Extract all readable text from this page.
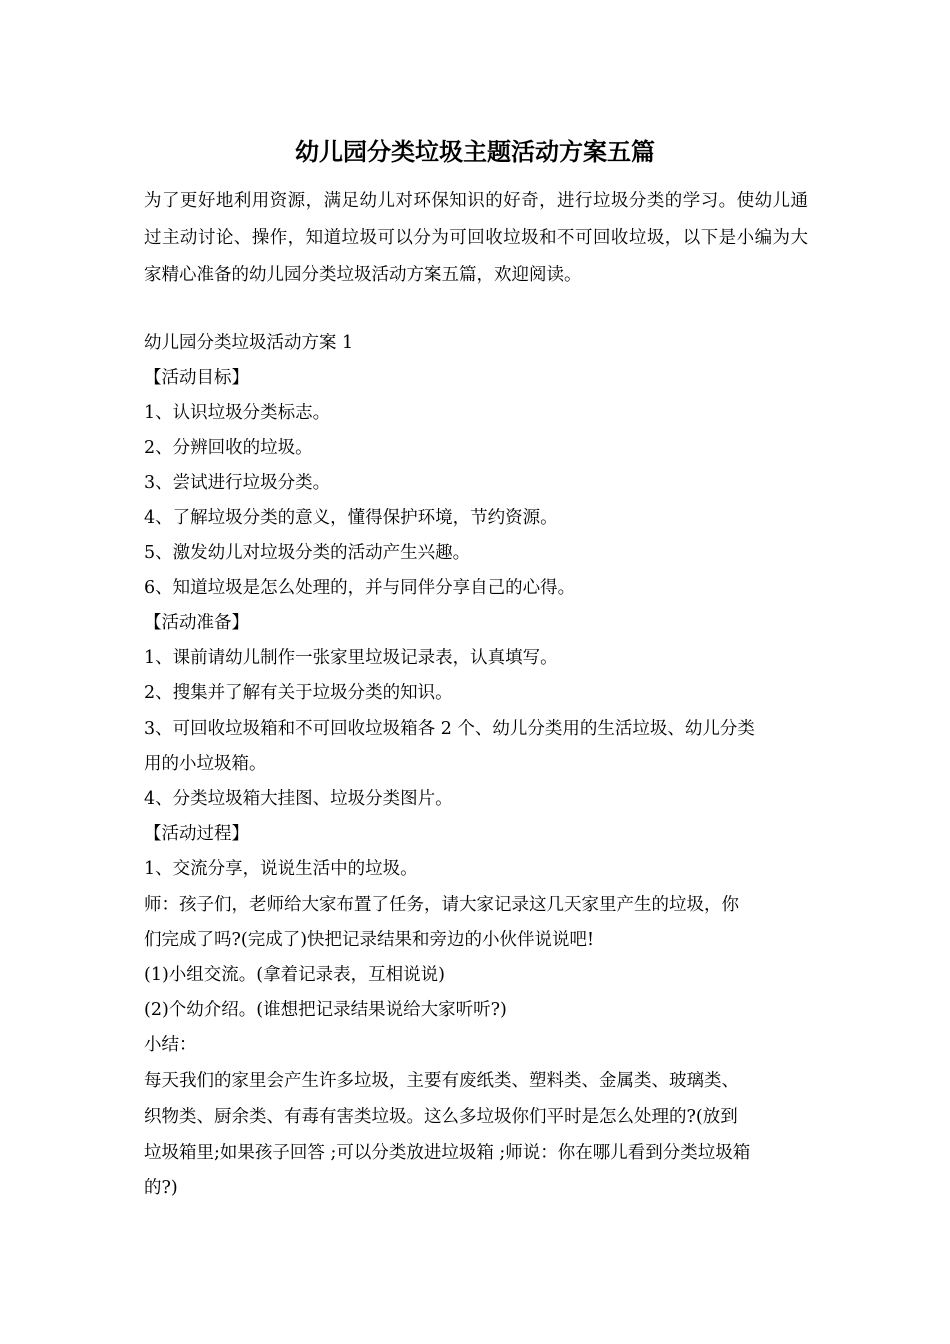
幼儿园分类垃圾主题活动方案五篇

为了更好地利用资源，满足幼儿对环保知识的好奇，进行垃圾分类的学习。使幼儿通过主动讨论、操作，知道垃圾可以分为可回收垃圾和不可回收垃圾，以下是小编为大家精心准备的幼儿园分类垃圾活动方案五篇，欢迎阅读。

幼儿园分类垃圾活动方案 1
【活动目标】
1、认识垃圾分类标志。
2、分辨回收的垃圾。
3、尝试进行垃圾分类。
4、了解垃圾分类的意义，懂得保护环境，节约资源。
5、激发幼儿对垃圾分类的活动产生兴趣。
6、知道垃圾是怎么处理的，并与同伴分享自己的心得。
【活动准备】
1、课前请幼儿制作一张家里垃圾记录表，认真填写。
2、搜集并了解有关于垃圾分类的知识。
3、可回收垃圾箱和不可回收垃圾箱各 2 个、幼儿分类用的生活垃圾、幼儿分类
用的小垃圾箱。
4、分类垃圾箱大挂图、垃圾分类图片。
【活动过程】
1、交流分享，说说生活中的垃圾。
师：孩子们，老师给大家布置了任务，请大家记录这几天家里产生的垃圾，你
们完成了吗?(完成了)快把记录结果和旁边的小伙伴说说吧!
(1)小组交流。(拿着记录表，互相说说)
(2)个幼介绍。(谁想把记录结果说给大家听听?)
小结：
每天我们的家里会产生许多垃圾，主要有废纸类、塑料类、金属类、玻璃类、
织物类、厨余类、有毒有害类垃圾。这么多垃圾你们平时是怎么处理的?(放到
垃圾箱里;如果孩子回答 ;可以分类放进垃圾箱 ;师说：你在哪儿看到分类垃圾箱
的?)
